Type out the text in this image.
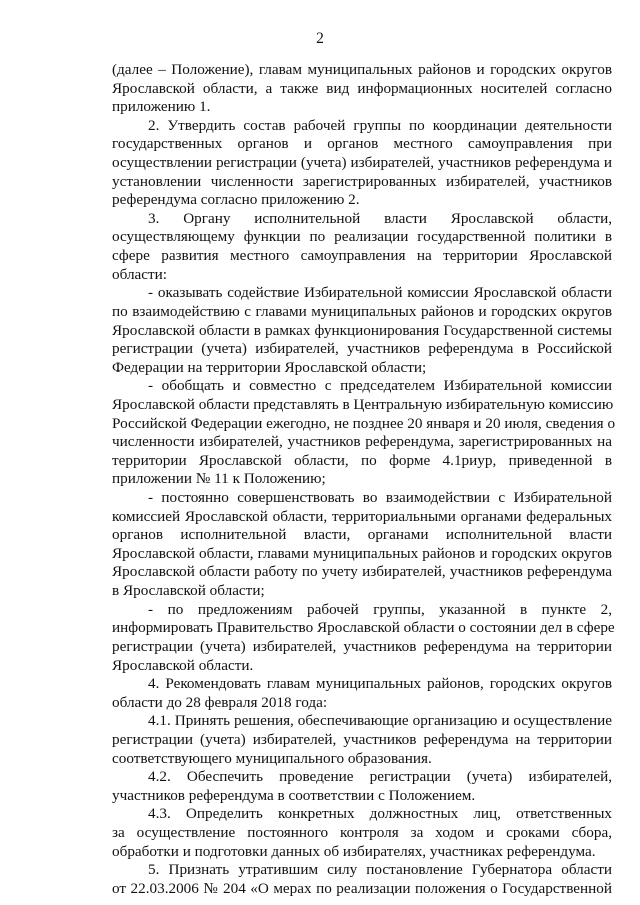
2
(далее – Положение), главам муниципальных районов и городских округов
Ярославской области, а также вид информационных носителей согласно
приложению 1.
2. Утвердить состав рабочей группы по координации деятельности
государственных органов и органов местного самоуправления при
осуществлении регистрации (учета) избирателей, участников референдума и
установлении численности зарегистрированных избирателей, участников
референдума согласно приложению 2.
3. Органу исполнительной власти Ярославской области,
осуществляющему функции по реализации государственной политики в
сфере развития местного самоуправления на территории Ярославской
области:
- оказывать содействие Избирательной комиссии Ярославской области
по взаимодействию с главами муниципальных районов и городских округов
Ярославской области в рамках функционирования Государственной системы
регистрации (учета) избирателей, участников референдума в Российской
Федерации на территории Ярославской области;
- обобщать и совместно с председателем Избирательной комиссии
Ярославской области представлять в Центральную избирательную комиссию
Российской Федерации ежегодно, не позднее 20 января и 20 июля, сведения о
численности избирателей, участников референдума, зарегистрированных на
территории Ярославской области, по форме 4.1риур, приведенной в
приложении № 11 к Положению;
- постоянно совершенствовать во взаимодействии с Избирательной
комиссией Ярославской области, территориальными органами федеральных
органов исполнительной власти, органами исполнительной власти
Ярославской области, главами муниципальных районов и городских округов
Ярославской области работу по учету избирателей, участников референдума
в Ярославской области;
- по предложениям рабочей группы, указанной в пункте 2,
информировать Правительство Ярославской области о состоянии дел в сфере
регистрации (учета) избирателей, участников референдума на территории
Ярославской области.
4. Рекомендовать главам муниципальных районов, городских округов
области до 28 февраля 2018 года:
4.1. Принять решения, обеспечивающие организацию и осуществление
регистрации (учета) избирателей, участников референдума на территории
соответствующего муниципального образования.
4.2. Обеспечить проведение регистрации (учета) избирателей,
участников референдума в соответствии с Положением.
4.3. Определить конкретных должностных лиц, ответственных
за осуществление постоянного контроля за ходом и сроками сбора,
обработки и подготовки данных об избирателях, участниках референдума.
5. Признать утратившим силу постановление Губернатора области
от 22.03.2006 № 204 «О мерах по реализации положения о Государственной
